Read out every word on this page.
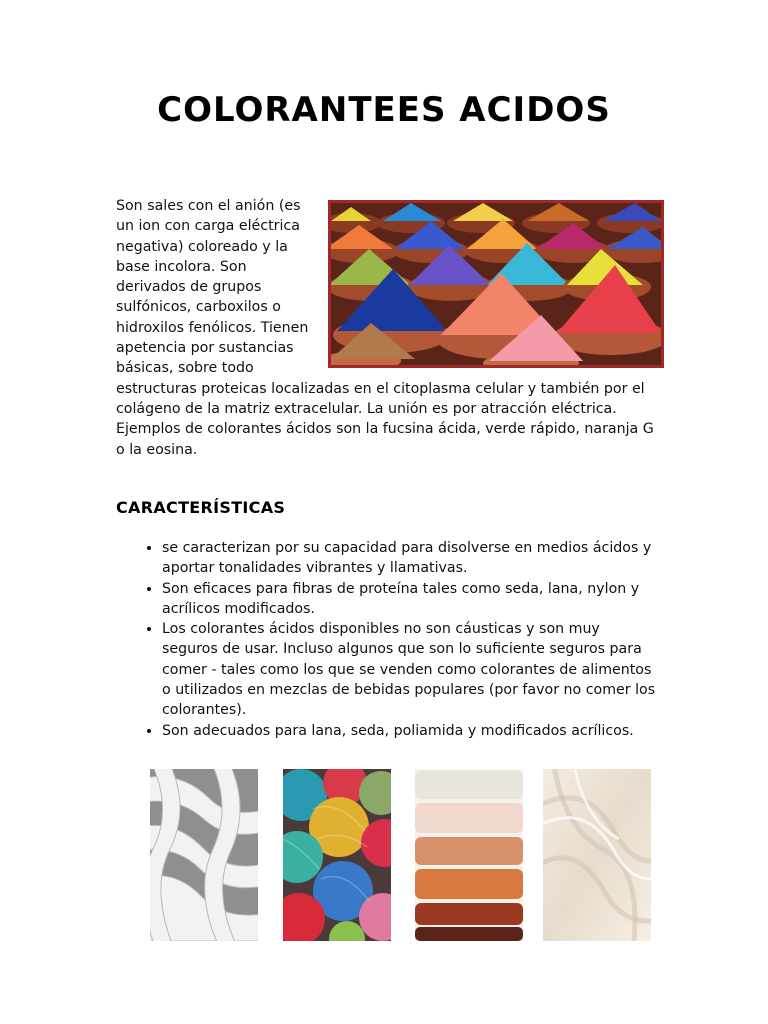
COLORANTEES ACIDOS
Son sales con el anión (es un ion con carga eléctrica negativa) coloreado y la base incolora. Son derivados de grupos sulfónicos, carboxilos o hidroxilos fenólicos. Tienen apetencia por sustancias básicas, sobre todo estructuras proteicas localizadas en el citoplasma celular y también por el colágeno de la matriz extracelular. La unión es por atracción eléctrica. Ejemplos de colorantes ácidos son la fucsina ácida, verde rápido, naranja G o la eosina.
CARACTERÍSTICAS
• se caracterizan por su capacidad para disolverse en medios ácidos y aportar tonalidades vibrantes y llamativas.
• Son eficaces para fibras de proteína tales como seda, lana, nylon y acrílicos modificados.
• Los colorantes ácidos disponibles no son cáusticas y son muy seguros de usar. Incluso algunos que son lo suficiente seguros para comer - tales como los que se venden como colorantes de alimentos o utilizados en mezclas de bebidas populares (por favor no comer los colorantes).
• Son adecuados para lana, seda, poliamida y modificados acrílicos.
